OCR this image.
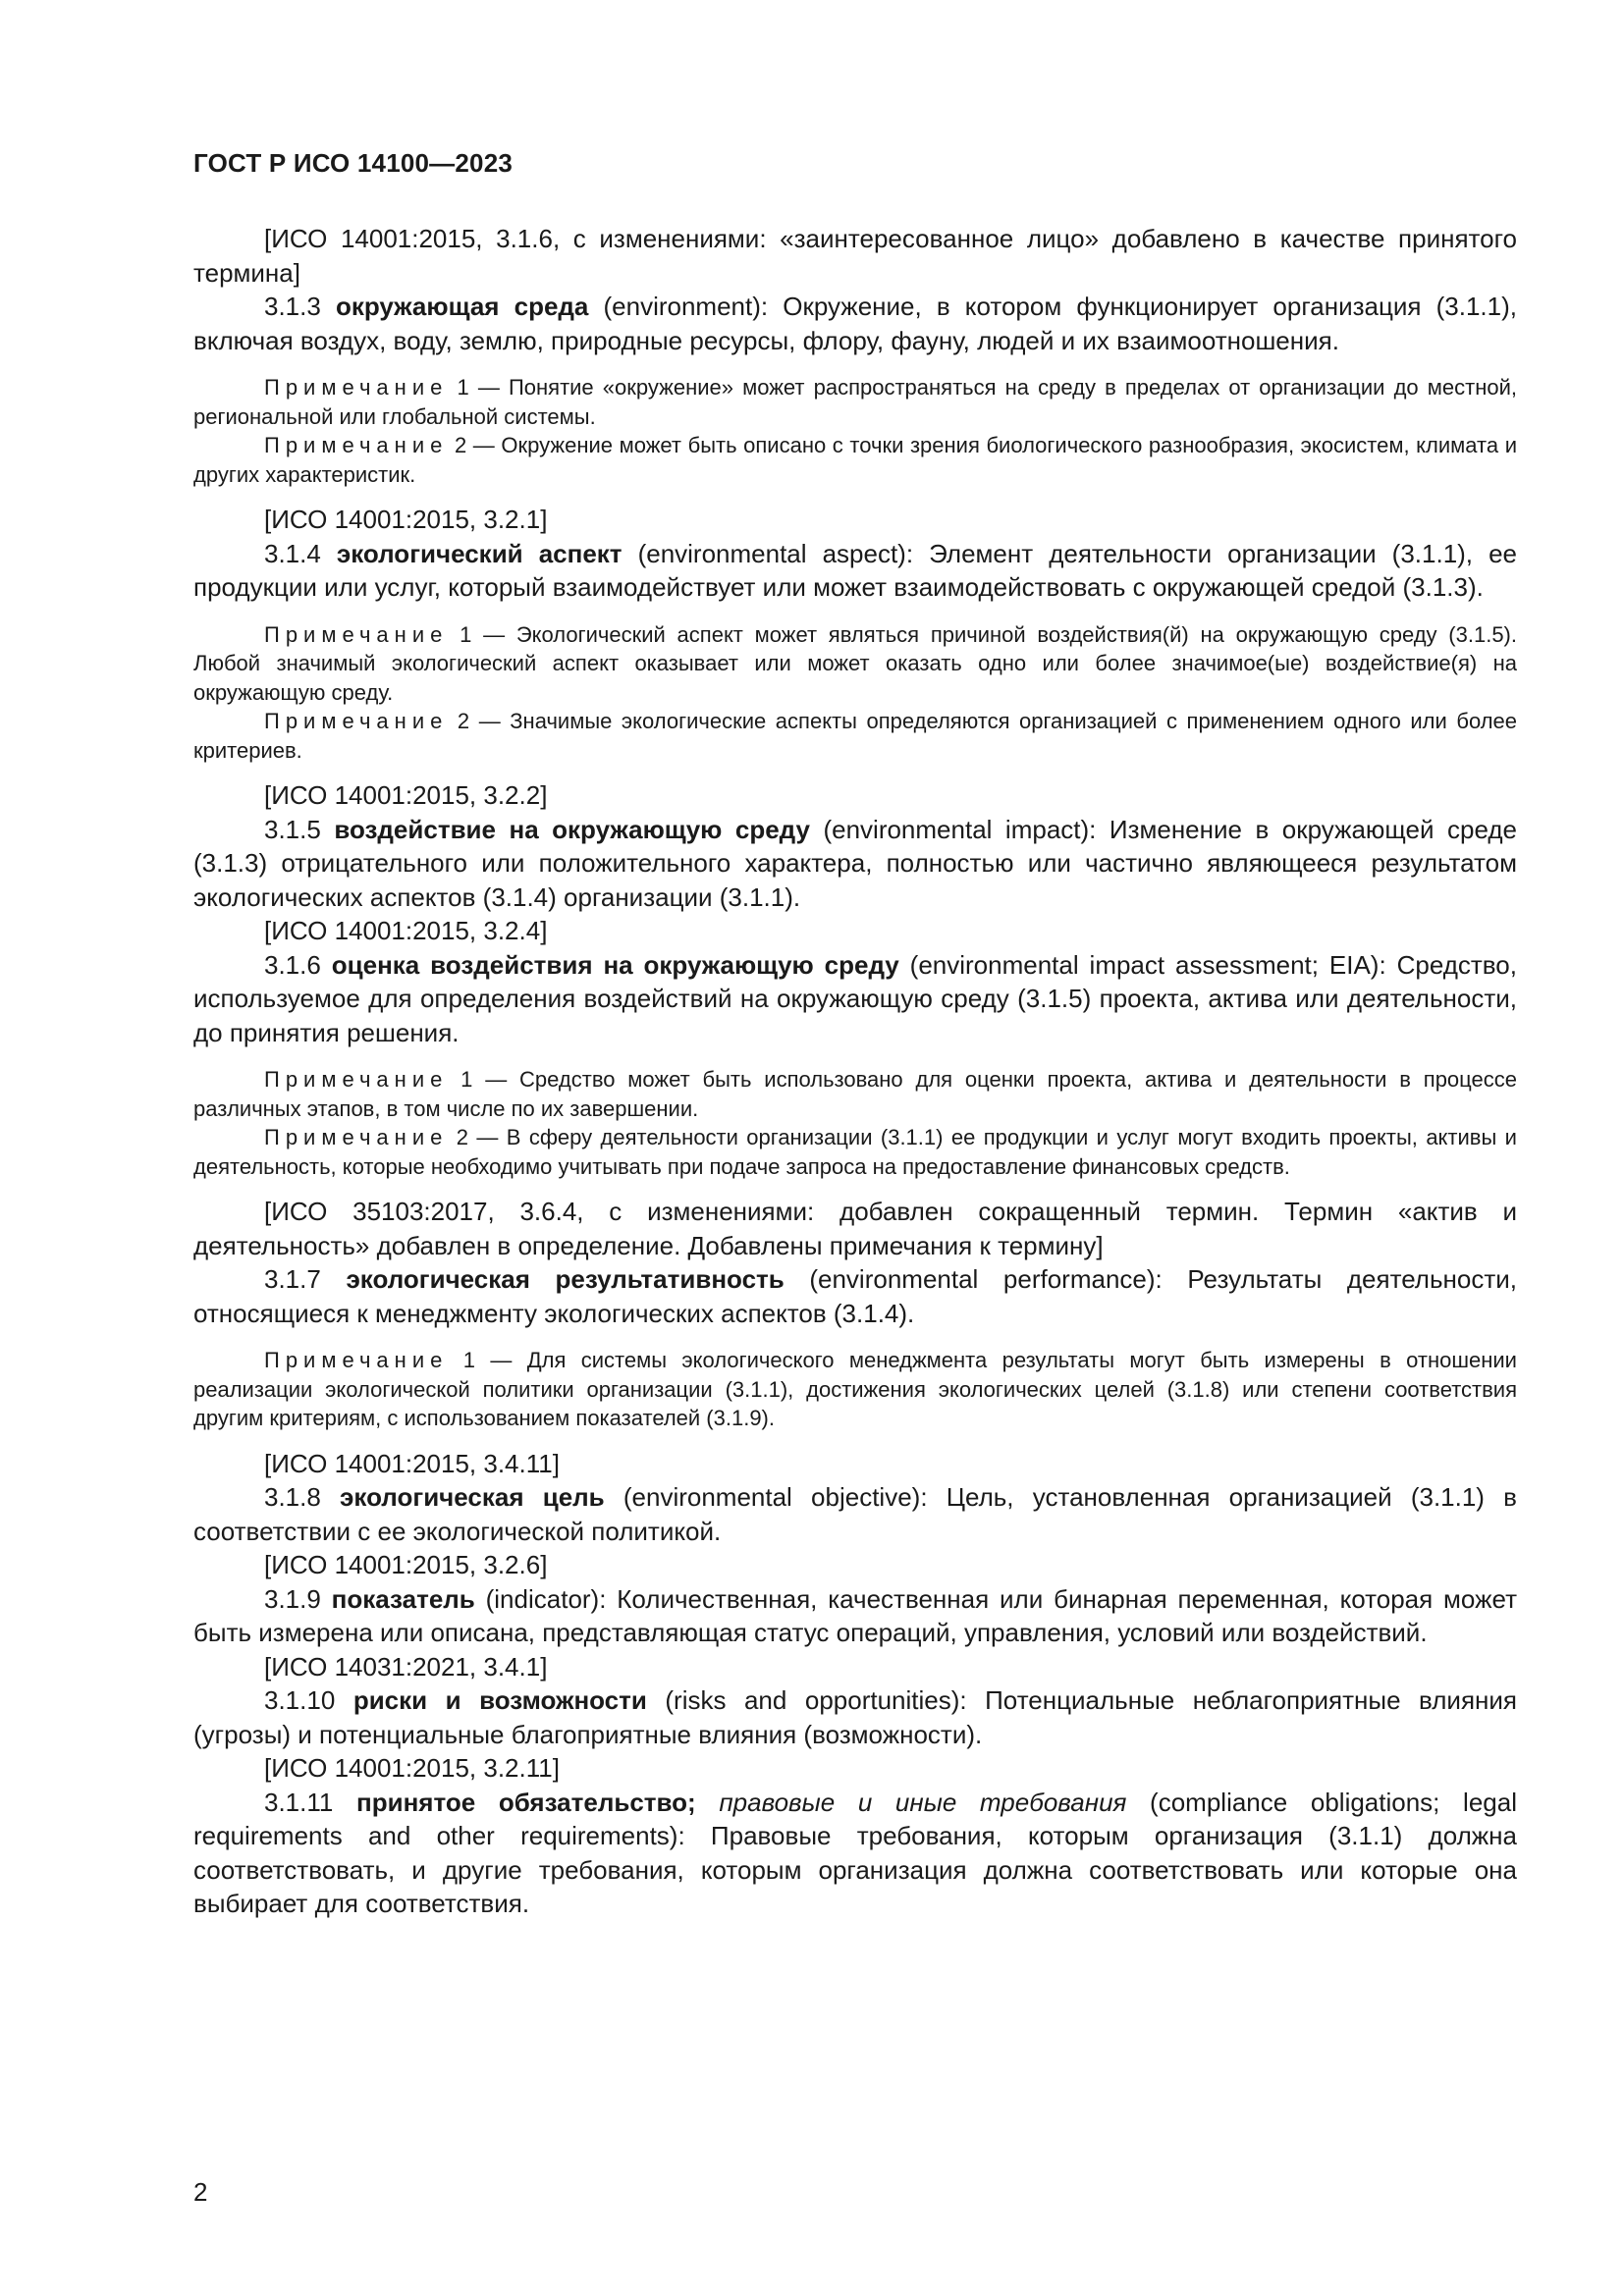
ГОСТ Р ИСО 14100—2023

[ИСО 14001:2015, 3.1.6, с изменениями: «заинтересованное лицо» добавлено в качестве принятого термина]

3.1.3 окружающая среда (environment): Окружение, в котором функционирует организация (3.1.1), включая воздух, воду, землю, природные ресурсы, флору, фауну, людей и их взаимоотношения.

Примечание 1 — Понятие «окружение» может распространяться на среду в пределах от организации до местной, региональной или глобальной системы.

Примечание 2 — Окружение может быть описано с точки зрения биологического разнообразия, экосистем, климата и других характеристик.

[ИСО 14001:2015, 3.2.1]

3.1.4 экологический аспект (environmental aspect): Элемент деятельности организации (3.1.1), ее продукции или услуг, который взаимодействует или может взаимодействовать с окружающей средой (3.1.3).

Примечание 1 — Экологический аспект может являться причиной воздействия(й) на окружающую среду (3.1.5). Любой значимый экологический аспект оказывает или может оказать одно или более значимое(ые) воздействие(я) на окружающую среду.

Примечание 2 — Значимые экологические аспекты определяются организацией с применением одного или более критериев.

[ИСО 14001:2015, 3.2.2]

3.1.5 воздействие на окружающую среду (environmental impact): Изменение в окружающей среде (3.1.3) отрицательного или положительного характера, полностью или частично являющееся результатом экологических аспектов (3.1.4) организации (3.1.1).

[ИСО 14001:2015, 3.2.4]

3.1.6 оценка воздействия на окружающую среду (environmental impact assessment; EIA): Средство, используемое для определения воздействий на окружающую среду (3.1.5) проекта, актива или деятельности, до принятия решения.

Примечание 1 — Средство может быть использовано для оценки проекта, актива и деятельности в процессе различных этапов, в том числе по их завершении.

Примечание 2 — В сферу деятельности организации (3.1.1) ее продукции и услуг могут входить проекты, активы и деятельность, которые необходимо учитывать при подаче запроса на предоставление финансовых средств.

[ИСО 35103:2017, 3.6.4, с изменениями: добавлен сокращенный термин. Термин «актив и деятельность» добавлен в определение. Добавлены примечания к термину]

3.1.7 экологическая результативность (environmental performance): Результаты деятельности, относящиеся к менеджменту экологических аспектов (3.1.4).

Примечание 1 — Для системы экологического менеджмента результаты могут быть измерены в отношении реализации экологической политики организации (3.1.1), достижения экологических целей (3.1.8) или степени соответствия другим критериям, с использованием показателей (3.1.9).

[ИСО 14001:2015, 3.4.11]

3.1.8 экологическая цель (environmental objective): Цель, установленная организацией (3.1.1) в соответствии с ее экологической политикой.

[ИСО 14001:2015, 3.2.6]

3.1.9 показатель (indicator): Количественная, качественная или бинарная переменная, которая может быть измерена или описана, представляющая статус операций, управления, условий или воздействий.

[ИСО 14031:2021, 3.4.1]

3.1.10 риски и возможности (risks and opportunities): Потенциальные неблагоприятные влияния (угрозы) и потенциальные благоприятные влияния (возможности).

[ИСО 14001:2015, 3.2.11]

3.1.11 принятое обязательство; правовые и иные требования (compliance obligations; legal requirements and other requirements): Правовые требования, которым организация (3.1.1) должна соответствовать, и другие требования, которым организация должна соответствовать или которые она выбирает для соответствия.

2
